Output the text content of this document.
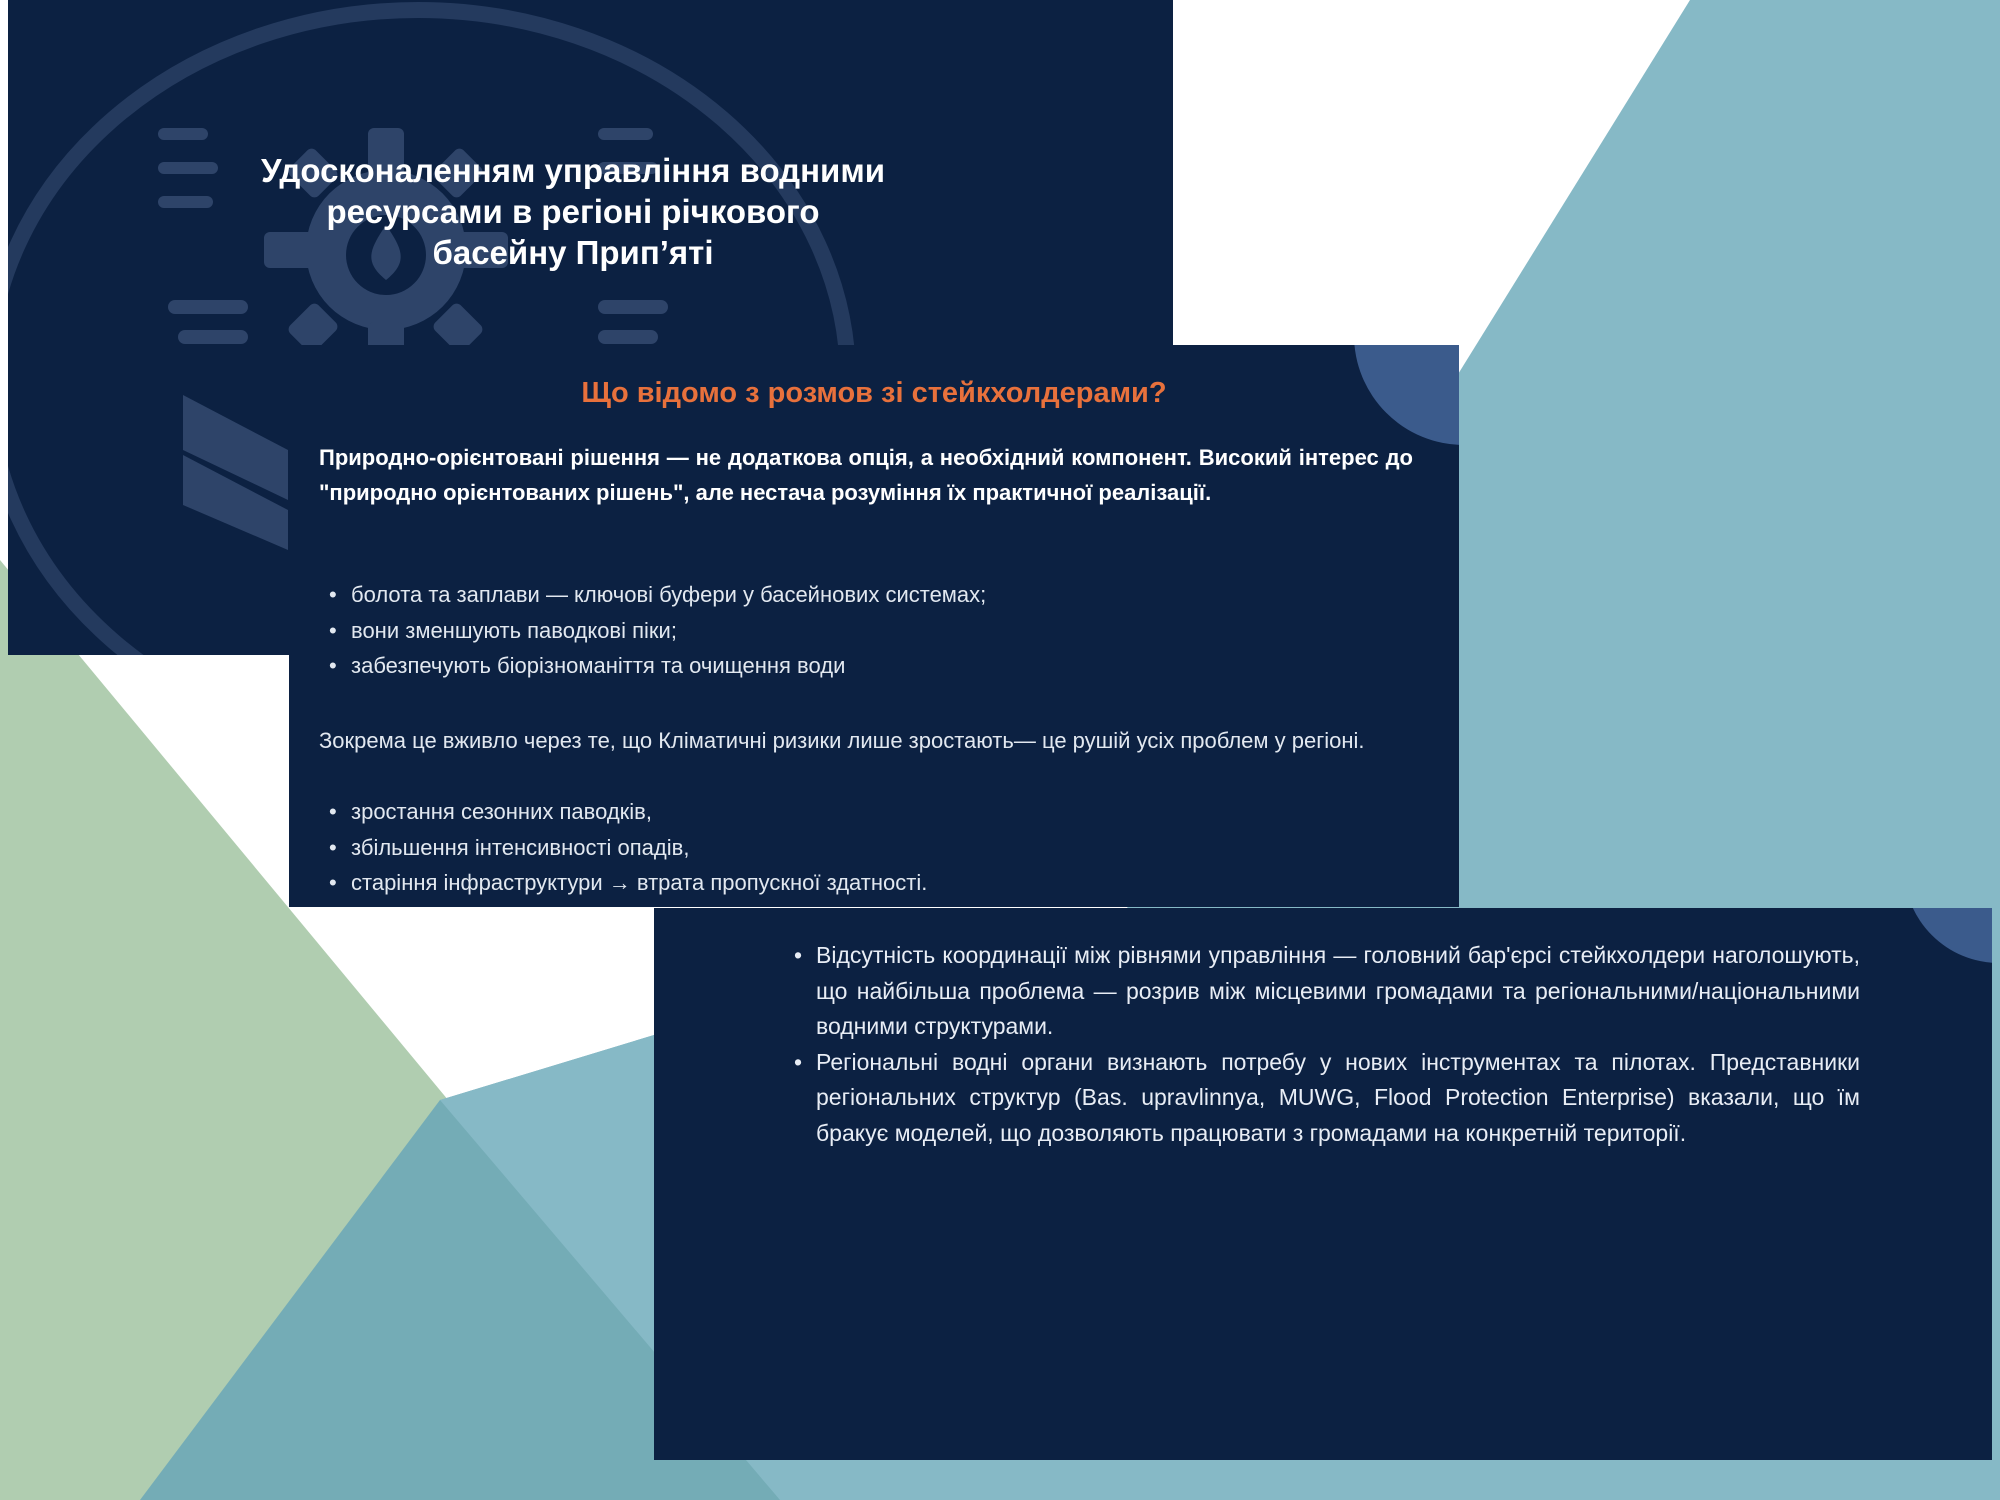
Удосконаленням управління водними ресурсами в регіоні річкового басейну Прип’яті
Що відомо з розмов зі стейкхолдерами?

Природно-орієнтовані рішення — не додаткова опція, а необхідний компонент. Високий інтерес до "природно орієнтованих рішень", але нестача розуміння їх практичної реалізації.

• болота та заплави — ключові буфери у басейнових системах;
• вони зменшують паводкові піки;
• забезпечують біорізноманіття та очищення води

Зокрема це вживло через те, що Кліматичні ризики лише зростають— це рушій усіх проблем у регіоні.

• зростання сезонних паводків,
• збільшення інтенсивності опадів,
• старіння інфраструктури → втрата пропускної здатності.
• Відсутність координації між рівнями управління — головний бар'єрсі стейкхолдери наголошують, що найбільша проблема — розрив між місцевими громадами та регіональними/національними водними структурами.
• Регіональні водні органи визнають потребу у нових інструментах та пілотах. Представники регіональних структур (Bas. upravlinnya, MUWG, Flood Protection Enterprise) вказали, що їм бракує моделей, що дозволяють працювати з громадами на конкретній території.
